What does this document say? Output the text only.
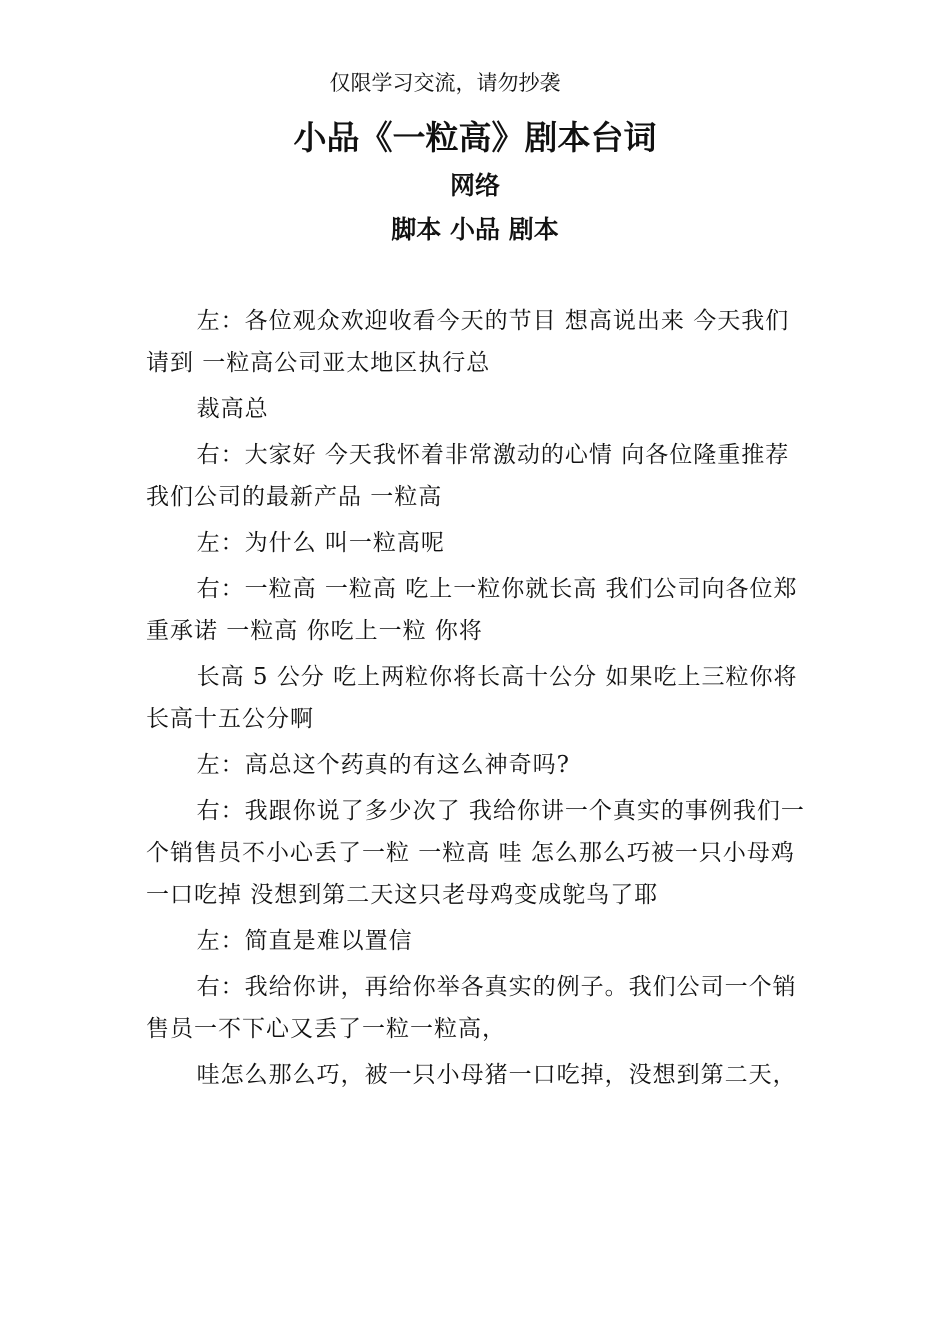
仅限学习交流，请勿抄袭
小品《一粒高》剧本台词
网络
脚本 小品 剧本

左：各位观众欢迎收看今天的节目 想高说出来 今天我们请到 一粒高公司亚太地区执行总

裁高总

右：大家好 今天我怀着非常激动的心情 向各位隆重推荐我们公司的最新产品 一粒高

左：为什么 叫一粒高呢

右：一粒高 一粒高 吃上一粒你就长高 我们公司向各位郑重承诺 一粒高 你吃上一粒 你将

长高 5 公分 吃上两粒你将长高十公分 如果吃上三粒你将长高十五公分啊

左：高总这个药真的有这么神奇吗?

右：我跟你说了多少次了 我给你讲一个真实的事例我们一个销售员不小心丢了一粒 一粒高 哇 怎么那么巧被一只小母鸡一口吃掉 没想到第二天这只老母鸡变成鸵鸟了耶

左：简直是难以置信

右：我给你讲，再给你举各真实的例子。我们公司一个销售员一不下心又丢了一粒一粒高，

哇怎么那么巧，被一只小母猪一口吃掉，没想到第二天，
